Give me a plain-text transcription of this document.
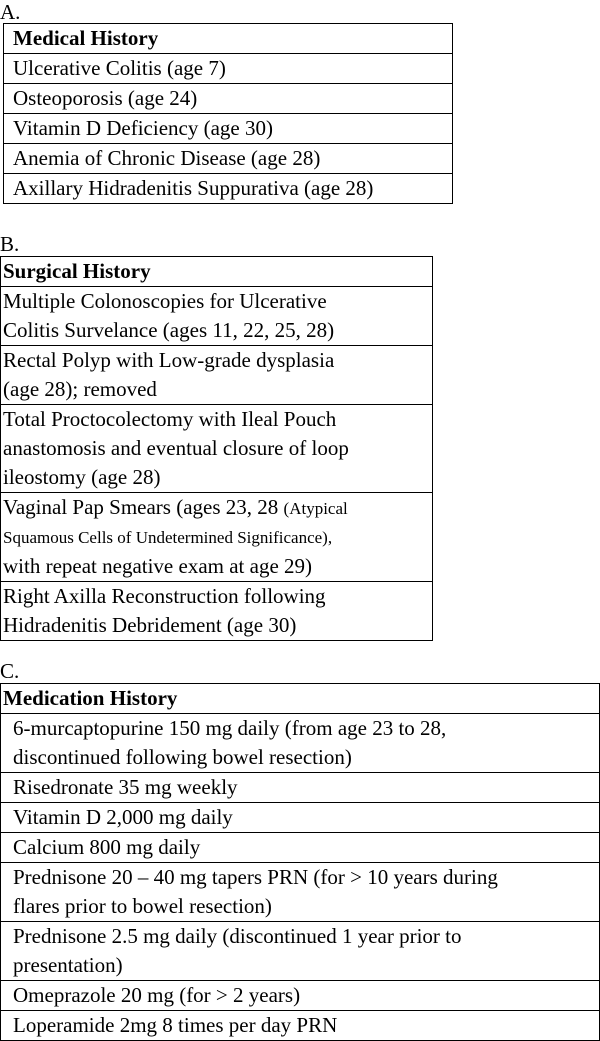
A.
Medical History
Ulcerative Colitis (age 7)
Osteoporosis (age 24)
Vitamin D Deficiency (age 30)
Anemia of Chronic Disease (age 28)
Axillary Hidradenitis Suppurativa (age 28)
B.
Surgical History

Multiple Colonoscopies for Ulcerative
Colitis Survelance (ages 11, 22, 25, 28)

Rectal Polyp with Low-grade dysplasia
(age 28); removed

Total Proctocolectomy with Ileal Pouch
anastomosis and eventual closure of loop
ileostomy (age 28)

Vaginal Pap Smears (ages 23, 28 (Atypical
Squamous Cells of Undetermined Significance),
with repeat negative exam at age 29)

Right Axilla Reconstruction following
Hidradenitis Debridement (age 30)
C.
Medication History

6-murcaptopurine 150 mg daily (from age 23 to 28,
discontinued following bowel resection)

Risedronate 35 mg weekly

Vitamin D 2,000 mg daily

Calcium 800 mg daily

Prednisone 20 – 40 mg tapers PRN (for > 10 years during
flares prior to bowel resection)

Prednisone 2.5 mg daily (discontinued 1 year prior to
presentation)

Omeprazole 20 mg (for > 2 years)

Loperamide 2mg 8 times per day PRN
